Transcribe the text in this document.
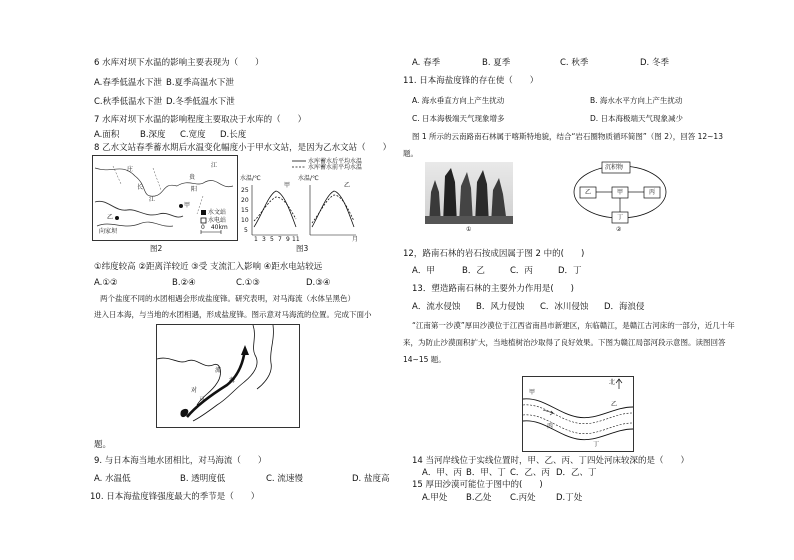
6 水库对坝下水温的影响主要表现为（　　）
A.春季低温水下泄 B.夏季高温水下泄
C.秋季低温水下泄 D.冬季低温水下泄
7 水库对坝下水温的影响程度主要取决于水库的（　　）
A.面积 B.深度 C.宽度 D.长度
8 乙水文站春季蓄水期后水温变化幅度小于甲水文站，是因为乙水文站（　　）
庄
江
长
江
贵
阳
甲
乙
向家坝
水文站
水电站
0　40km
图2
水库蓄水后平均水温
水库蓄水前平均水温
水温/℃	水温/℃
甲	乙
25
20
15
10
5
1 3 5 7 9 11	月
图3
①纬度较高 ②距离洋较近 ③受 支流汇入影响 ④距水电站较远
A.①②	B.②④	C.①③	D.③④
两个盐度不同的水团相遇会形成盐度锋。研究表明，对马海流（水体呈黑色）
进入日本海，与当地的水团相遇，形成盐度锋。图示意对马海流的位置。完成下面小
流
海
对
马
题。
9. 与日本海当地水团相比，对马海流（　　）
A. 水温低	B. 透明度低	C. 流速慢	D. 盐度高
10. 日本海盐度锋强度最大的季节是（　　）
A. 春季	B. 夏季	C. 秋季	D. 冬季
11. 日本海盐度锋的存在使（　　）
A. 海水垂直方向上产生扰动	B. 海水水平方向上产生扰动
C. 日本海极端天气现象增多	D. 日本海极端天气现象减少
图 1 所示的云南路南石林属于喀斯特地貌，结合“岩石圈物质循环简图”（图 2），回答 12~13
题。
①
沉积物
乙	甲	丙
丁
②
12，路南石林的岩石按成因属于图 2 中的(　　)
A．甲	B．乙	C．丙	D．丁
13．塑造路南石林的主要外力作用是(　　)
A．流水侵蚀 B．风力侵蚀 C．冰川侵蚀 D．海浪侵
“江南第一沙漠”厚田沙漠位于江西省南昌市新建区，东临赣江，是赣江古河床的一部分，近几十年
来，为防止沙漠面积扩大，当地植树治沙取得了良好效果。下图为赣江局部河段示意图。读图回答
14~15 题。
北
甲
乙
丙
丁
14 当河岸线位于实线位置时，甲、乙、丙、丁四处河床较深的是（　　）
A．甲、丙 B．甲、丁 C．乙、丙 D．乙、丁
15 厚田沙漠可能位于图中的(　　)
A.甲处 B.乙处 C.丙处 D.丁处
